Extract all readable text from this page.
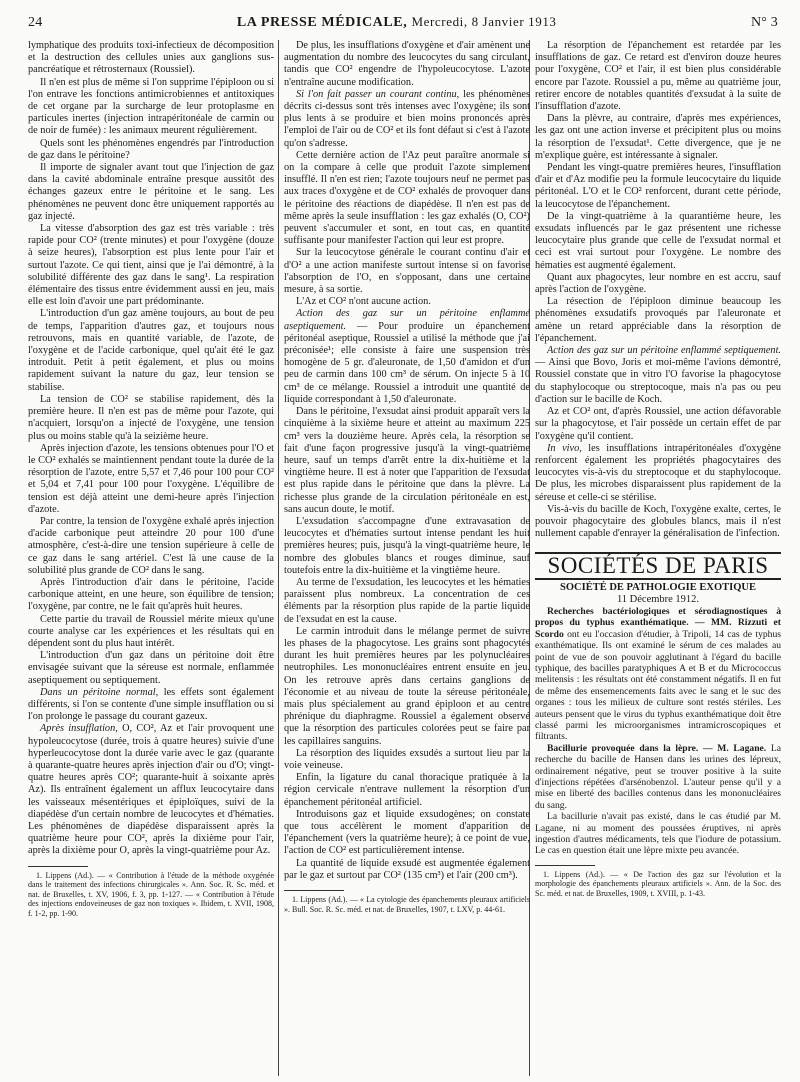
24	LA PRESSE MÉDICALE, Mercredi, 8 Janvier 1913	N° 3

lymphatique des produits toxi-infectieux de décomposition et la destruction des cellules unies aux ganglions sus-pancréatique et rétrosternaux (Roussiel).

Il n'en est plus de même si l'on supprime l'épiploon ou si l'on entrave les fonctions antimicrobiennes et antitoxiques de cet organe par la surcharge de leur protoplasme en particules inertes (injection intrapéritonéale de carmin ou de noir de fumée) : les animaux meurent régulièrement.

Quels sont les phénomènes engendrés par l'introduction de gaz dans le péritoine?

Il importe de signaler avant tout que l'injection de gaz dans la cavité abdominale entraîne presque aussitôt des échanges gazeux entre le péritoine et le sang. Les phénomènes ne peuvent donc être uniquement rapportés au gaz injecté.

La vitesse d'absorption des gaz est très variable : très rapide pour CO² (trente minutes) et pour l'oxygène (douze à seize heures), l'absorption est plus lente pour l'air et surtout l'azote. Ce qui tient, ainsi que je l'ai démontré, à la solubilité différente des gaz dans le sang¹. La respiration élémentaire des tissus entre évidemment aussi en jeu, mais elle est loin d'avoir une part prédominante.

L'introduction d'un gaz amène toujours, au bout de peu de temps, l'apparition d'autres gaz, et toujours nous retrouvons, mais en quantité variable, de l'azote, de l'oxygène et de l'acide carbonique, quel qu'ait été le gaz introduit. Petit à petit également, et plus ou moins rapidement suivant la nature du gaz, leur tension se stabilise.

La tension de CO² se stabilise rapidement, dès la première heure. Il n'en est pas de même pour l'azote, qui n'acquiert, lorsqu'on a injecté de l'oxygène, une tension plus ou moins stable qu'à la seizième heure.

Après injection d'azote, les tensions obtenues pour l'O et le CO² exhalés se maintiennent pendant toute la durée de la résorption de l'azote, entre 5,57 et 7,46 pour 100 pour CO² et 5,04 et 7,41 pour 100 pour l'oxygène. L'équilibre de tension est déjà atteint une demi-heure après l'injection d'azote.

Par contre, la tension de l'oxygène exhalé après injection d'acide carbonique peut atteindre 20 pour 100 d'une atmosphère, c'est-à-dire une tension supérieure à celle de ce gaz dans le sang artériel. C'est là une cause de la solubilité plus grande de CO² dans le sang.

Après l'introduction d'air dans le péritoine, l'acide carbonique atteint, en une heure, son équilibre de tension; l'oxygène, par contre, ne le fait qu'après huit heures.

Cette partie du travail de Roussiel mérite mieux qu'une courte analyse car les expériences et les résultats qui en dépendent sont du plus haut intérêt.

L'introduction d'un gaz dans un péritoine doit être envisagée suivant que la séreuse est normale, enflammée aseptiquement ou septiquement.

Dans un péritoine normal, les effets sont également différents, si l'on se contente d'une simple insufflation ou si l'on prolonge le passage du courant gazeux.

Après insufflation, O, CO², Az et l'air provoquent une hypoleucocytose (durée, trois à quatre heures) suivie d'une hyperleucocytose dont la durée varie avec le gaz (quarante à quarante-quatre heures après injection d'air ou d'O; vingt-quatre heures après CO²; quarante-huit à soixante après Az). Ils entraînent également un afflux leucocytaire dans les vaisseaux mésentériques et épiploïques, suivi de la diapédèse d'un certain nombre de leucocytes et d'hématies. Les phénomènes de diapédèse disparaissent après la quatrième heure pour CO², après la dixième pour l'air, après la dixième pour O, après la vingt-quatrième pour Az.

1. Lippens (Ad.). — « Contribution à l'étude de la méthode oxygénée dans le traitement des infections chirurgicales ». Ann. Soc. R. Sc. méd. et nat. de Bruxelles, t. XV, 1906, f. 3, pp. 1-127. — « Contribution à l'étude des injections endoveineuses de gaz non toxiques ». Ibidem, t. XVII, 1908, f. 1-2, pp. 1-90.

De plus, les insufflations d'oxygène et d'air amènent une augmentation du nombre des leucocytes du sang circulant, tandis que CO² engendre de l'hypoleucocytose. L'azote n'entraîne aucune modification.

Si l'on fait passer un courant continu, les phénomènes décrits ci-dessus sont très intenses avec l'oxygène; ils sont plus lents à se produire et bien moins prononcés après l'emploi de l'air ou de CO² et ils font défaut si c'est à l'azote qu'on s'adresse.

Cette dernière action de l'Az peut paraître anormale si on la compare à celle que produit l'azote simplement insufflé. Il n'en est rien; l'azote toujours neuf ne permet pas aux traces d'oxygène et de CO² exhalés de provoquer dans le péritoine des réactions de diapédèse. Il n'en est pas de même après la seule insufflation : les gaz exhalés (O, CO²) peuvent s'accumuler et sont, en tout cas, en quantité suffisante pour manifester l'action qui leur est propre.

Sur la leucocytose générale le courant continu d'air et d'O² a une action manifeste surtout intense si on favorise l'absorption de l'O, en s'opposant, dans une certaine mesure, à sa sortie.

L'Az et CO² n'ont aucune action.

Action des gaz sur un péritoine enflammé aseptiquement. — Pour produire un épanchement péritonéal aseptique, Roussiel a utilisé la méthode que j'ai préconisée¹; elle consiste à faire une suspension très homogène de 5 gr. d'aleuronate, de 1,50 d'amidon et d'un peu de carmin dans 100 cm³ de sérum. On injecte 5 à 10 cm³ de ce mélange. Roussiel a introduit une quantité de liquide correspondant à 1,50 d'aleuronate.

Dans le péritoine, l'exsudat ainsi produit apparaît vers la cinquième à la sixième heure et atteint au maximum 225 cm³ vers la douzième heure. Après cela, la résorption se fait d'une façon progressive jusqu'à la vingt-quatrième heure, sauf un temps d'arrêt entre la dix-huitième et la vingtième heure. Il est à noter que l'apparition de l'exsudat est plus rapide dans le péritoine que dans la plèvre. La richesse plus grande de la circulation péritonéale en est, sans aucun doute, le motif.

L'exsudation s'accompagne d'une extravasation de leucocytes et d'hématies surtout intense pendant les huit premières heures; puis, jusqu'à la vingt-quatrième heure, le nombre des globules blancs et rouges diminue, sauf toutefois entre la dix-huitième et la vingtième heure.

Au terme de l'exsudation, les leucocytes et les hématies paraissent plus nombreux. La concentration de ces éléments par la résorption plus rapide de la partie liquide de l'exsudat en est la cause.

Le carmin introduit dans le mélange permet de suivre les phases de la phagocytose. Les grains sont phagocytés durant les huit premières heures par les polynucléaires neutrophiles. Les mononucléaires entrent ensuite en jeu. On les retrouve après dans certains ganglions de l'économie et au niveau de toute la séreuse péritonéale, mais plus spécialement au grand épiploon et au centre phrénique du diaphragme. Roussiel a également observé que la résorption des particules colorées peut se faire par les capillaires sanguins.

La résorption des liquides exsudés a surtout lieu par la voie veineuse.

Enfin, la ligature du canal thoracique pratiquée à la région cervicale n'entrave nullement la résorption d'un épanchement péritonéal artificiel.

Introduisons gaz et liquide exsudogènes; on constate que tous accélèrent le moment d'apparition de l'épanchement (vers la quatrième heure); à ce point de vue, l'action de CO² est particulièrement intense.

La quantité de liquide exsudé est augmentée également par le gaz et surtout par CO² (135 cm³) et l'air (200 cm³).

1. Lippens (Ad.). — « La cytologie des épanchements pleuraux artificiels ». Bull. Soc. R. Sc. méd. et nat. de Bruxelles, 1907, t. LXV, p. 44-61.

La résorption de l'épanchement est retardée par les insufflations de gaz. Ce retard est d'environ douze heures pour l'oxygène, CO² et l'air, il est bien plus considérable encore par l'azote. Roussiel a pu, même au quatrième jour, retirer encore de notables quantités d'exsudat à la suite de l'insufflation d'azote.

Dans la plèvre, au contraire, d'après mes expériences, les gaz ont une action inverse et précipitent plus ou moins la résorption de l'exsudat¹. Cette divergence, que je ne m'explique guère, est intéressante à signaler.

Pendant les vingt-quatre premières heures, l'insufflation d'air et d'Az modifie peu la formule leucocytaire du liquide péritonéal. L'O et le CO² renforcent, durant cette période, la leucocytose de l'épanchement.

De la vingt-quatrième à la quarantième heure, les exsudats influencés par le gaz présentent une richesse leucocytaire plus grande que celle de l'exsudat normal et ceci est vrai surtout pour l'oxygène. Le nombre des hématies est augmenté également.

Quant aux phagocytes, leur nombre en est accru, sauf après l'action de l'oxygène.

La résection de l'épiploon diminue beaucoup les phénomènes exsudatifs provoqués par l'aleuronate et amène un retard appréciable dans la résorption de l'épanchement.

Action des gaz sur un péritoine enflammé septiquement. — Ainsi que Bovo, Joris et moi-même l'avions démontré, Roussiel constate que in vitro l'O favorise la phagocytose du staphylocoque ou streptocoque, mais n'a pas ou peu d'action sur le bacille de Koch.

Az et CO² ont, d'après Roussiel, une action défavorable sur la phagocytose, et l'air possède un certain effet de par l'oxygène qu'il contient.

In vivo, les insufflations intrapéritonéales d'oxygène renforcent également les propriétés phagocytaires des leucocytes vis-à-vis du streptocoque et du staphylocoque. De plus, les microbes disparaissent plus rapidement de la séreuse et celle-ci se stérilise.

Vis-à-vis du bacille de Koch, l'oxygène exalte, certes, le pouvoir phagocytaire des globules blancs, mais il n'est nullement capable d'enrayer la généralisation de l'infection.

SOCIÉTÉS DE PARIS

SOCIÉTÉ DE PATHOLOGIE EXOTIQUE

11 Décembre 1912.

Recherches bactériologiques et sérodiagnostiques à propos du typhus exanthématique. — MM. Rizzuti et Scordo ont eu l'occasion d'étudier, à Tripoli, 14 cas de typhus exanthématique. Ils ont examiné le sérum de ces malades au point de vue de son pouvoir agglutinant à l'égard du bacille typhique, des bacilles paratyphiques A et B et du Micrococcus melitensis : les résultats ont été constamment négatifs. Il en fut de même des ensemencements faits avec le sang et le suc des organes : tous les milieux de culture sont restés stériles. Les auteurs pensent que le virus du typhus exanthématique doit être classé parmi les microorganismes intramicroscopiques et filtrants.

Bacillurie provoquée dans la lèpre. — M. Lagane. La recherche du bacille de Hansen dans les urines des lépreux, ordinairement négative, peut se trouver positive à la suite d'injections répétées d'arsénobenzol. L'auteur pense qu'il y a mise en liberté des bacilles contenus dans les mononucléaires du sang.

La bacillurie n'avait pas existé, dans le cas étudié par M. Lagane, ni au moment des poussées éruptives, ni après ingestion d'autres médicaments, tels que l'iodure de potassium. Le cas en question était une lèpre mixte peu avancée.

1. Lippens (Ad.). — « De l'action des gaz sur l'évolution et la morphologie des épanchements pleuraux artificiels ». Ann. de la Soc. des Sc. méd. et nat. de Bruxelles, 1909, t. XVIII, p. 1-43.
